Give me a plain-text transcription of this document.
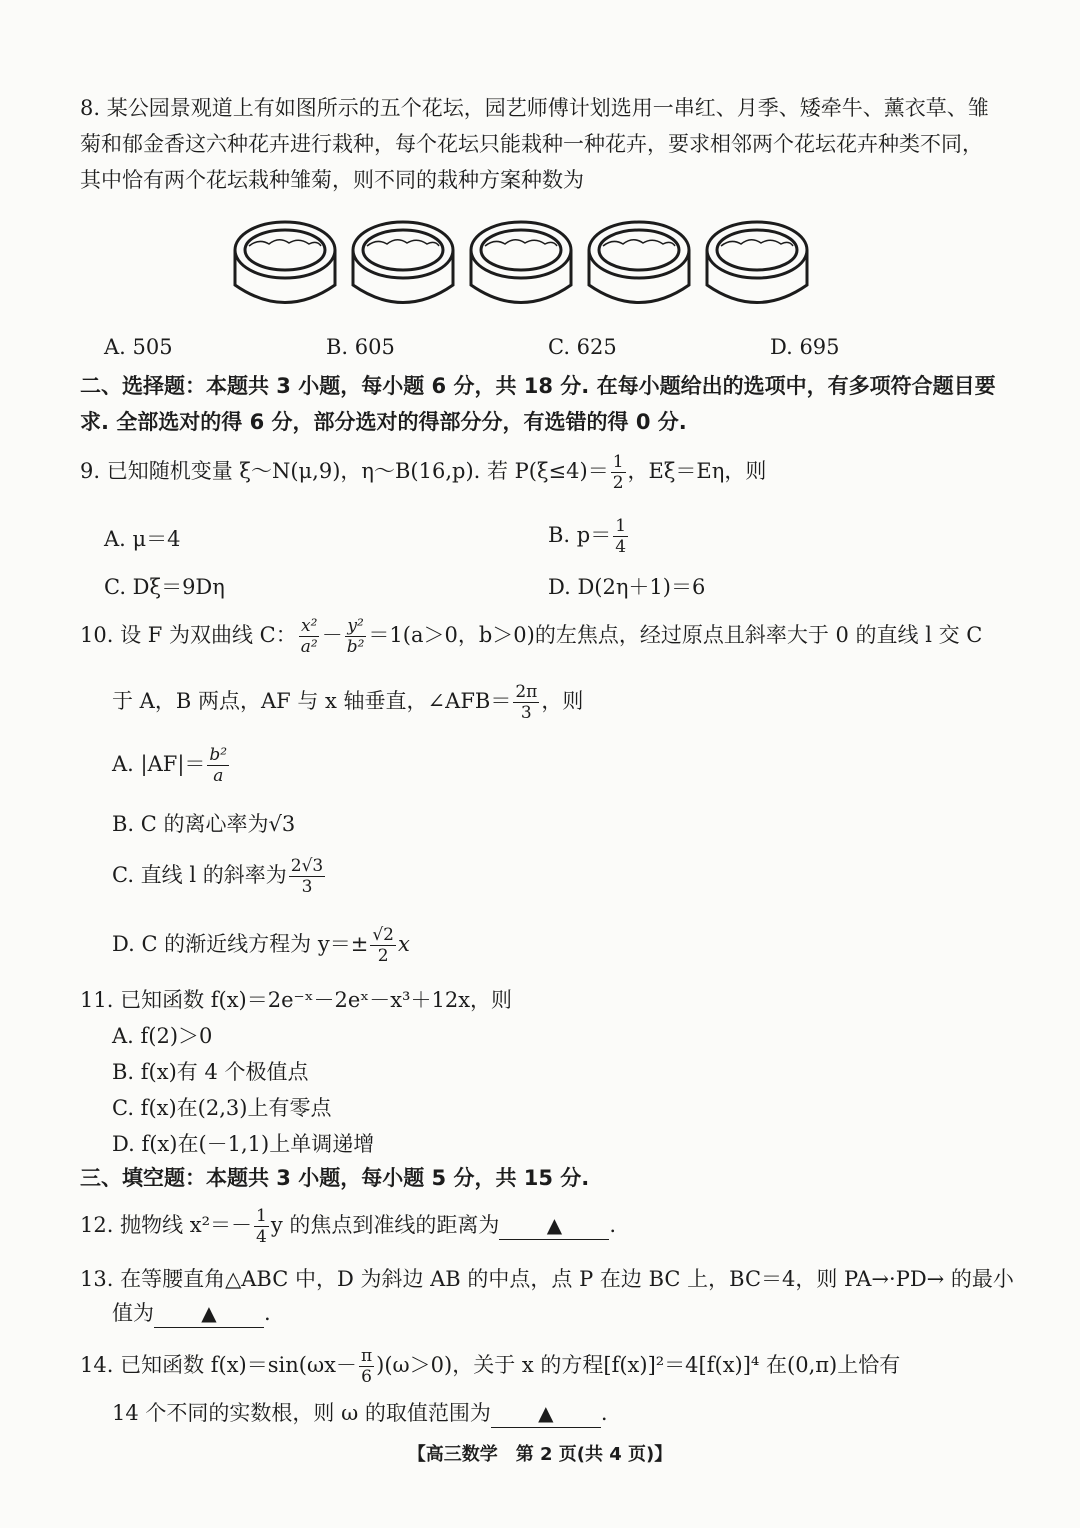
8. 某公园景观道上有如图所示的五个花坛，园艺师傅计划选用一串红、月季、矮牵牛、薰衣草、雏菊和郁金香这六种花卉进行栽种，每个花坛只能栽种一种花卉，要求相邻两个花坛花卉种类不同，其中恰有两个花坛栽种雏菊，则不同的栽种方案种数为
A. 505	B. 605	C. 625	D. 695
二、选择题：本题共 3 小题，每小题 6 分，共 18 分. 在每小题给出的选项中，有多项符合题目要求. 全部选对的得 6 分，部分选对的得部分分，有选错的得 0 分.
9. 已知随机变量 ξ～N(μ,9)，η～B(16,p). 若 $P(\xi\le 4)= \frac{1}{2}$ ，Eξ＝Eη，则
A. μ＝4	B. $p= \frac{1}{4}$
C. Dξ＝9Dη	D. D(2η＋1)＝6
10. 设 F 为双曲线 C： $\frac{\text{x²}}{\text{a²}} - \frac{\text{y²}}{\text{b²}} =1(a>0$，b＞0)的左焦点，经过原点且斜率大于 0 的直线 l 交 C
于 A，B 两点，AF 与 x 轴垂直，∠AFB＝ $\frac{2\pi}{3}$ ，则
A. $|AF|= \frac{\text{b²}}{a}$
B. C 的离心率为√3
C. 直线 l 的斜率为 $\frac{2√3}{3}$
D. C 的渐近线方程为 $y=\pm \frac{√2}{2}$ x
11. 已知函数 f(x)＝2e⁻ˣ－2eˣ－x³＋12x，则
A. f(2)＞0
B. f(x)有 4 个极值点
C. f(x)在(2,3)上有零点
D. f(x)在(－1,1)上单调递增
三、填空题：本题共 3 小题，每小题 5 分，共 15 分.
12. 抛物线 $x^2=- \frac{1}{4}$ y 的焦点到准线的距离为 ▲ .
13. 在等腰直角△ABC 中，D 为斜边 AB 的中点，点 P 在边 BC 上，BC＝4，则 PA→·PD→ 的最小
值为 ▲ .
14. 已知函数 $f(x)=\sin(\omega x- \frac{\pi}{6} )(\omega>0)$，关于 x 的方程[f(x)]²＝4[f(x)]⁴ 在(0,π)上恰有
14 个不同的实数根，则 ω 的取值范围为 ▲ .
【高三数学　第 2 页(共 4 页)】
